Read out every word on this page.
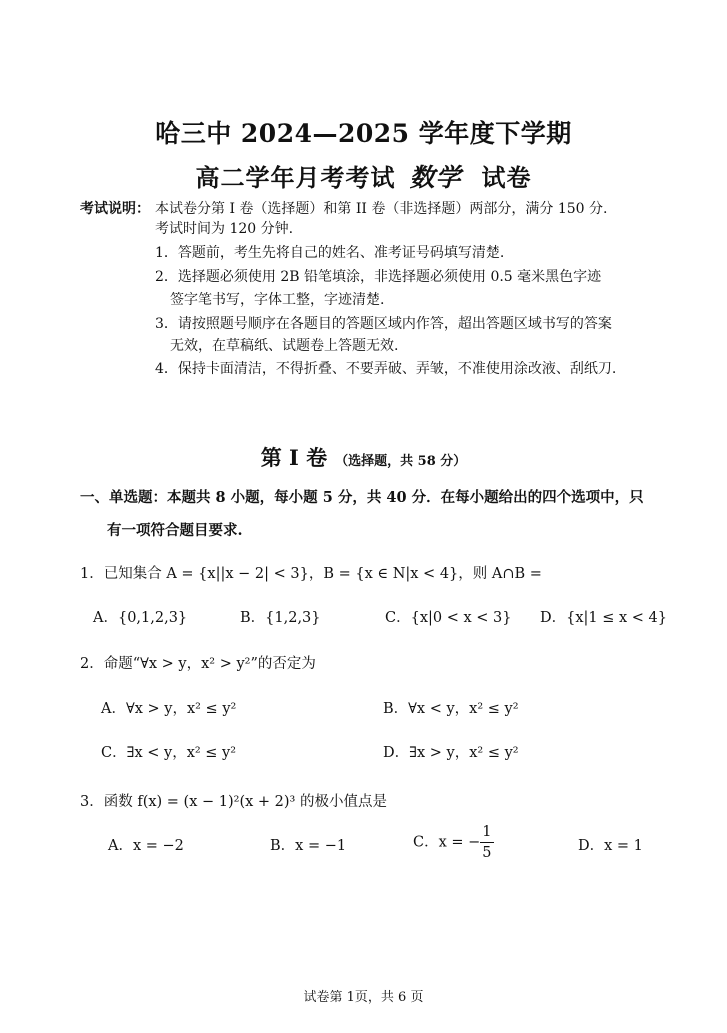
哈三中 2024—2025 学年度下学期
高二学年月考考试 数学 试卷
考试说明： 本试卷分第 I 卷（选择题）和第 II 卷（非选择题）两部分，满分 150 分.
考试时间为 120 分钟.
1．答题前，考生先将自己的姓名、准考证号码填写清楚.
2．选择题必须使用 2B 铅笔填涂，非选择题必须使用 0.5 毫米黑色字迹
签字笔书写，字体工整，字迹清楚.
3．请按照题号顺序在各题目的答题区域内作答，超出答题区域书写的答案
无效，在草稿纸、试题卷上答题无效.
4．保持卡面清洁，不得折叠、不要弄破、弄皱，不准使用涂改液、刮纸刀.
第 I 卷 （选择题，共 58 分）
一、单选题：本题共 8 小题，每小题 5 分，共 40 分．在每小题给出的四个选项中，只
有一项符合题目要求.
1．已知集合 A = {x||x − 2| < 3}，B = {x ∈ N|x < 4}，则 A∩B =
A．{0,1,2,3}	B．{1,2,3}	C．{x|0 < x < 3} D．{x|1 ≤ x < 4}
2．命题“∀x > y，x² > y²”的否定为
A．∀x > y，x² ≤ y²	B．∀x < y，x² ≤ y²
C．∃x < y，x² ≤ y²	D．∃x > y，x² ≤ y²
3．函数 f(x) = (x − 1)²(x + 2)³ 的极小值点是
A．x = −2	B．x = −1	C．x = − $\frac{1}{5}$	D．x = 1
试卷第 1页，共 6 页
